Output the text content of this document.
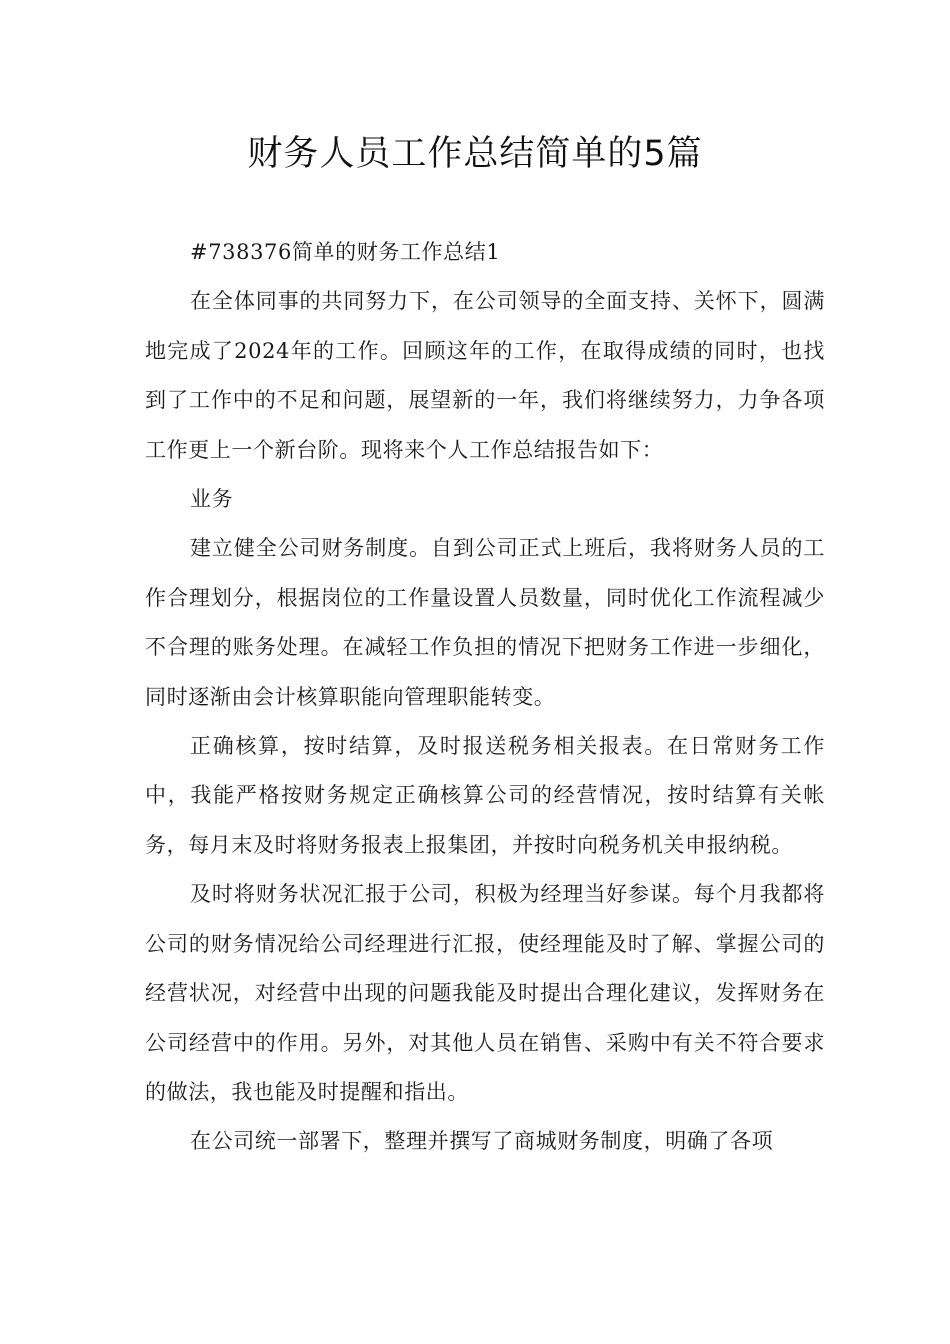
财务人员工作总结简单的5篇

#738376简单的财务工作总结1

在全体同事的共同努力下，在公司领导的全面支持、关怀下，圆满地完成了2024年的工作。回顾这年的工作，在取得成绩的同时，也找到了工作中的不足和问题，展望新的一年，我们将继续努力，力争各项工作更上一个新台阶。现将来个人工作总结报告如下：

业务

建立健全公司财务制度。自到公司正式上班后，我将财务人员的工作合理划分，根据岗位的工作量设置人员数量，同时优化工作流程减少不合理的账务处理。在减轻工作负担的情况下把财务工作进一步细化，同时逐渐由会计核算职能向管理职能转变。

正确核算，按时结算，及时报送税务相关报表。在日常财务工作中，我能严格按财务规定正确核算公司的经营情况，按时结算有关帐务，每月末及时将财务报表上报集团，并按时向税务机关申报纳税。

及时将财务状况汇报于公司，积极为经理当好参谋。每个月我都将公司的财务情况给公司经理进行汇报，使经理能及时了解、掌握公司的经营状况，对经营中出现的问题我能及时提出合理化建议，发挥财务在公司经营中的作用。另外，对其他人员在销售、采购中有关不符合要求的做法，我也能及时提醒和指出。

在公司统一部署下，整理并撰写了商城财务制度，明确了各项
